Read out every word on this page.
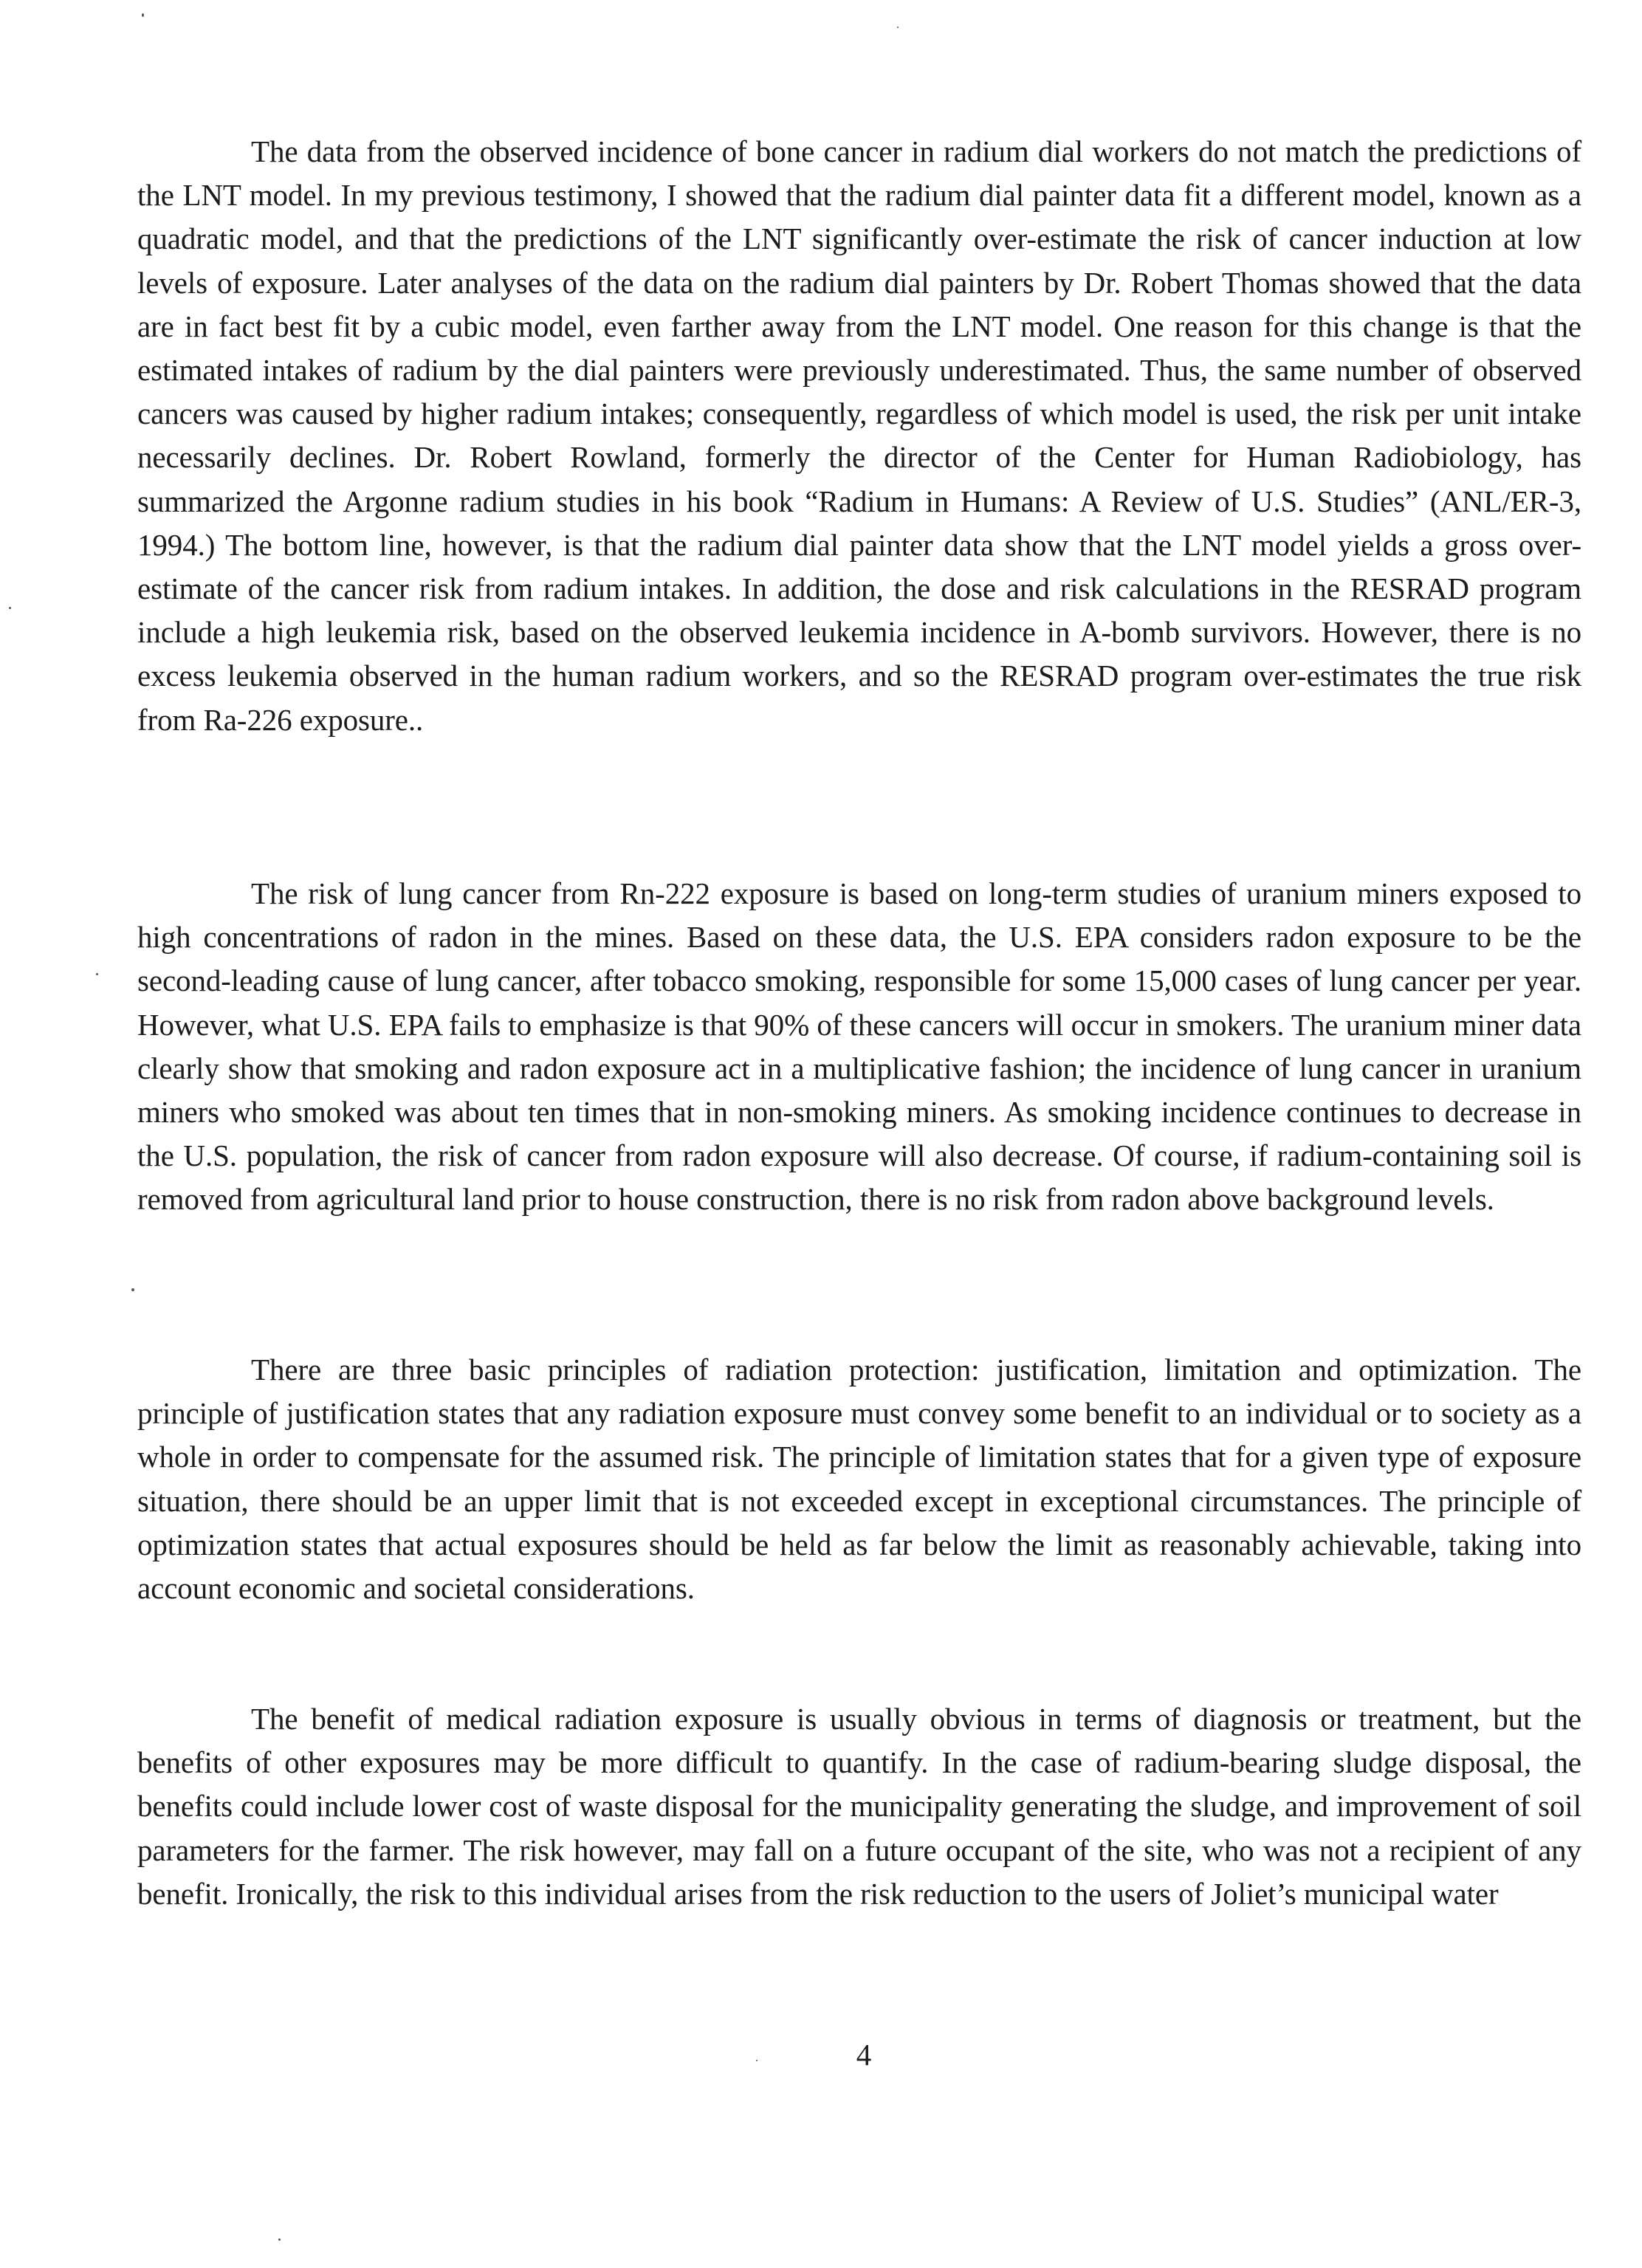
The data from the observed incidence of bone cancer in radium dial workers do not match the predictions of the LNT model. In my previous testimony, I showed that the radium dial painter data fit a different model, known as a quadratic model, and that the predictions of the LNT significantly over-estimate the risk of cancer induction at low levels of exposure. Later analyses of the data on the radium dial painters by Dr. Robert Thomas showed that the data are in fact best fit by a cubic model, even farther away from the LNT model. One reason for this change is that the estimated intakes of radium by the dial painters were previously underestimated. Thus, the same number of observed cancers was caused by higher radium intakes; consequently, regardless of which model is used, the risk per unit intake necessarily declines. Dr. Robert Rowland, formerly the director of the Center for Human Radiobiology, has summarized the Argonne radium studies in his book “Radium in Humans: A Review of U.S. Studies” (ANL/ER-3, 1994.) The bottom line, however, is that the radium dial painter data show that the LNT model yields a gross over-estimate of the cancer risk from radium intakes. In addition, the dose and risk calculations in the RESRAD program include a high leukemia risk, based on the observed leukemia incidence in A-bomb survivors. However, there is no excess leukemia observed in the human radium workers, and so the RESRAD program over-estimates the true risk from Ra-226 exposure..

The risk of lung cancer from Rn-222 exposure is based on long-term studies of uranium miners exposed to high concentrations of radon in the mines. Based on these data, the U.S. EPA considers radon exposure to be the second-leading cause of lung cancer, after tobacco smoking, responsible for some 15,000 cases of lung cancer per year. However, what U.S. EPA fails to emphasize is that 90% of these cancers will occur in smokers. The uranium miner data clearly show that smoking and radon exposure act in a multiplicative fashion; the incidence of lung cancer in uranium miners who smoked was about ten times that in non-smoking miners. As smoking incidence continues to decrease in the U.S. population, the risk of cancer from radon exposure will also decrease. Of course, if radium-containing soil is removed from agricultural land prior to house construction, there is no risk from radon above background levels.

There are three basic principles of radiation protection: justification, limitation and optimization. The principle of justification states that any radiation exposure must convey some benefit to an individual or to society as a whole in order to compensate for the assumed risk. The principle of limitation states that for a given type of exposure situation, there should be an upper limit that is not exceeded except in exceptional circumstances. The principle of optimization states that actual exposures should be held as far below the limit as reasonably achievable, taking into account economic and societal considerations.

The benefit of medical radiation exposure is usually obvious in terms of diagnosis or treatment, but the benefits of other exposures may be more difficult to quantify. In the case of radium-bearing sludge disposal, the benefits could include lower cost of waste disposal for the municipality generating the sludge, and improvement of soil parameters for the farmer. The risk however, may fall on a future occupant of the site, who was not a recipient of any benefit. Ironically, the risk to this individual arises from the risk reduction to the users of Joliet’s municipal water

4
